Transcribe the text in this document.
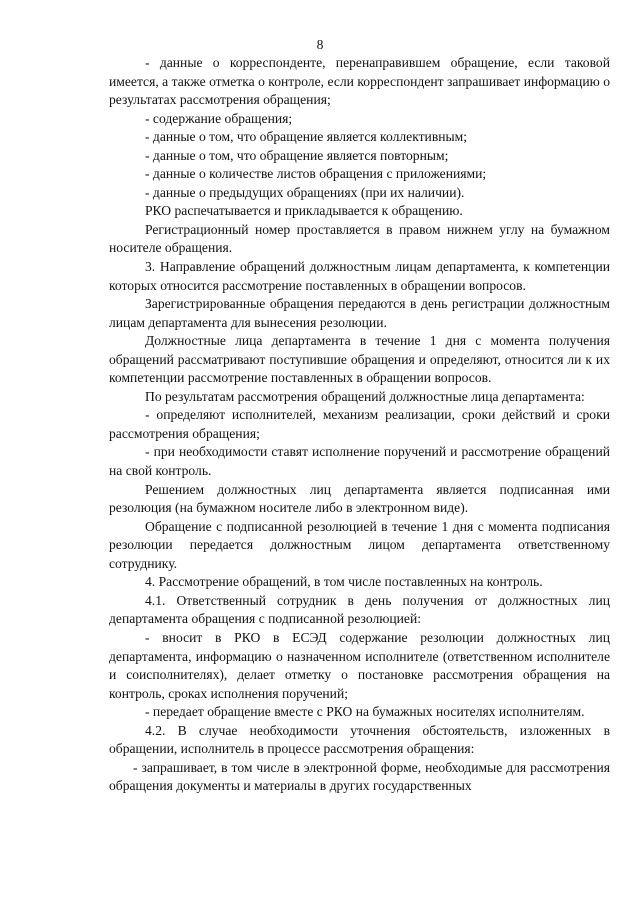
8

- данные о корреспонденте, перенаправившем обращение, если таковой имеется, а также отметка о контроле, если корреспондент запрашивает информацию о результатах рассмотрения обращения;

- содержание обращения;

- данные о том, что обращение является коллективным;

- данные о том, что обращение является повторным;

- данные о количестве листов обращения с приложениями;

- данные о предыдущих обращениях (при их наличии).

РКО распечатывается и прикладывается к обращению.

Регистрационный номер проставляется в правом нижнем углу на бумажном носителе обращения.

3. Направление обращений должностным лицам департамента, к компетенции которых относится рассмотрение поставленных в обращении вопросов.

Зарегистрированные обращения передаются в день регистрации должностным лицам департамента для вынесения резолюции.

Должностные лица департамента в течение 1 дня с момента получения обращений рассматривают поступившие обращения и определяют, относится ли к их компетенции рассмотрение поставленных в обращении вопросов.

По результатам рассмотрения обращений должностные лица департамента:

- определяют исполнителей, механизм реализации, сроки действий и сроки рассмотрения обращения;

- при необходимости ставят исполнение поручений и рассмотрение обращений на свой контроль.

Решением должностных лиц департамента является подписанная ими резолюция (на бумажном носителе либо в электронном виде).

Обращение с подписанной резолюцией в течение 1 дня с момента подписания резолюции передается должностным лицом департамента ответственному сотруднику.

4. Рассмотрение обращений, в том числе поставленных на контроль.

4.1. Ответственный сотрудник в день получения от должностных лиц департамента обращения с подписанной резолюцией:

- вносит в РКО в ЕСЭД содержание резолюции должностных лиц департамента, информацию о назначенном исполнителе (ответственном исполнителе и соисполнителях), делает отметку о постановке рассмотрения обращения на контроль, сроках исполнения поручений;

- передает обращение вместе с РКО на бумажных носителях исполнителям.

4.2. В случае необходимости уточнения обстоятельств, изложенных в обращении, исполнитель в процессе рассмотрения обращения:

- запрашивает, в том числе в электронной форме, необходимые для рассмотрения обращения документы и материалы в других государственных
